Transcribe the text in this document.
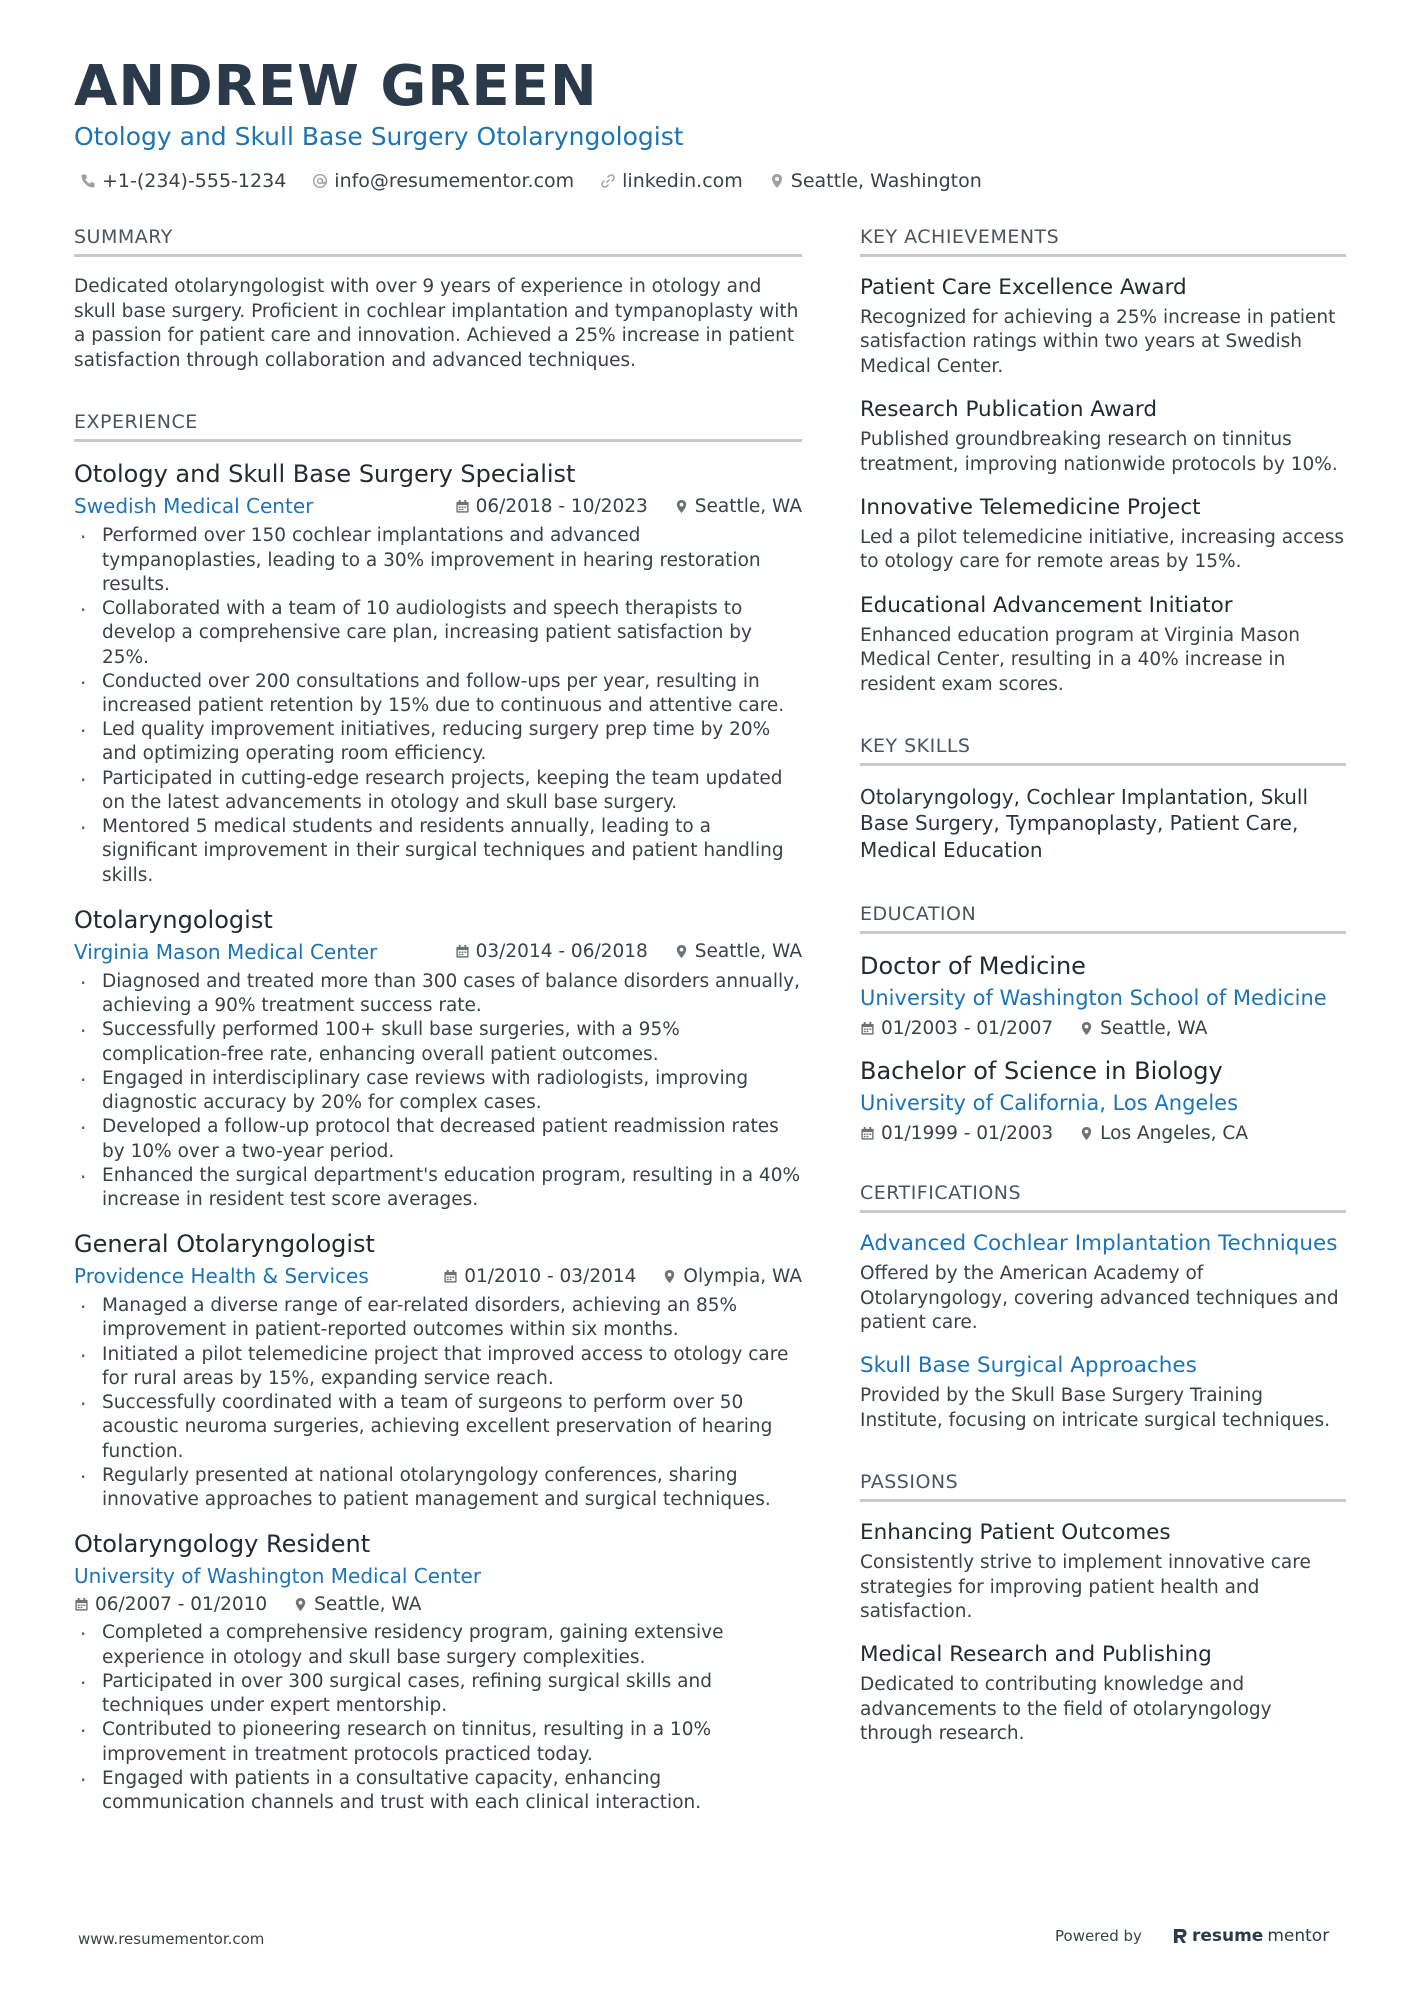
ANDREW GREEN
Otology and Skull Base Surgery Otolaryngologist
+1-(234)-555-1234	info@resumementor.com	linkedin.com	Seattle, Washington
SUMMARY

Dedicated otolaryngologist with over 9 years of experience in otology and skull base surgery. Proficient in cochlear implantation and tympanoplasty with a passion for patient care and innovation. Achieved a 25% increase in patient satisfaction through collaboration and advanced techniques.

EXPERIENCE
Otology and Skull Base Surgery Specialist
Swedish Medical Center	06/2018 - 10/2023	Seattle, WA
· Performed over 150 cochlear implantations and advanced tympanoplasties, leading to a 30% improvement in hearing restoration results.
· Collaborated with a team of 10 audiologists and speech therapists to develop a comprehensive care plan, increasing patient satisfaction by 25%.
· Conducted over 200 consultations and follow-ups per year, resulting in increased patient retention by 15% due to continuous and attentive care.
· Led quality improvement initiatives, reducing surgery prep time by 20% and optimizing operating room efficiency.
· Participated in cutting-edge research projects, keeping the team updated on the latest advancements in otology and skull base surgery.
· Mentored 5 medical students and residents annually, leading to a significant improvement in their surgical techniques and patient handling skills.
Otolaryngologist
Virginia Mason Medical Center	03/2014 - 06/2018	Seattle, WA
· Diagnosed and treated more than 300 cases of balance disorders annually, achieving a 90% treatment success rate.
· Successfully performed 100+ skull base surgeries, with a 95% complication-free rate, enhancing overall patient outcomes.
· Engaged in interdisciplinary case reviews with radiologists, improving diagnostic accuracy by 20% for complex cases.
· Developed a follow-up protocol that decreased patient readmission rates by 10% over a two-year period.
· Enhanced the surgical department's education program, resulting in a 40% increase in resident test score averages.
General Otolaryngologist
Providence Health & Services	01/2010 - 03/2014	Olympia, WA
· Managed a diverse range of ear-related disorders, achieving an 85% improvement in patient-reported outcomes within six months.
· Initiated a pilot telemedicine project that improved access to otology care for rural areas by 15%, expanding service reach.
· Successfully coordinated with a team of surgeons to perform over 50 acoustic neuroma surgeries, achieving excellent preservation of hearing function.
· Regularly presented at national otolaryngology conferences, sharing innovative approaches to patient management and surgical techniques.
Otolaryngology Resident
University of Washington Medical Center
06/2007 - 01/2010	Seattle, WA
· Completed a comprehensive residency program, gaining extensive experience in otology and skull base surgery complexities.
· Participated in over 300 surgical cases, refining surgical skills and techniques under expert mentorship.
· Contributed to pioneering research on tinnitus, resulting in a 10% improvement in treatment protocols practiced today.
· Engaged with patients in a consultative capacity, enhancing communication channels and trust with each clinical interaction.
KEY ACHIEVEMENTS
Patient Care Excellence Award

Recognized for achieving a 25% increase in patient satisfaction ratings within two years at Swedish Medical Center.

Research Publication Award

Published groundbreaking research on tinnitus treatment, improving nationwide protocols by 10%.

Innovative Telemedicine Project

Led a pilot telemedicine initiative, increasing access to otology care for remote areas by 15%.

Educational Advancement Initiator

Enhanced education program at Virginia Mason Medical Center, resulting in a 40% increase in resident exam scores.

KEY SKILLS

Otolaryngology, Cochlear Implantation, Skull Base Surgery, Tympanoplasty, Patient Care, Medical Education

EDUCATION
Doctor of Medicine
University of Washington School of Medicine
01/2003 - 01/2007	Seattle, WA
Bachelor of Science in Biology
University of California, Los Angeles
01/1999 - 01/2003	Los Angeles, CA
CERTIFICATIONS
Advanced Cochlear Implantation Techniques

Offered by the American Academy of Otolaryngology, covering advanced techniques and patient care.

Skull Base Surgical Approaches

Provided by the Skull Base Surgery Training Institute, focusing on intricate surgical techniques.

PASSIONS
Enhancing Patient Outcomes

Consistently strive to implement innovative care strategies for improving patient health and satisfaction.

Medical Research and Publishing

Dedicated to contributing knowledge and advancements to the field of otolaryngology through research.

www.resumementor.com	Powered by	resume mentor
